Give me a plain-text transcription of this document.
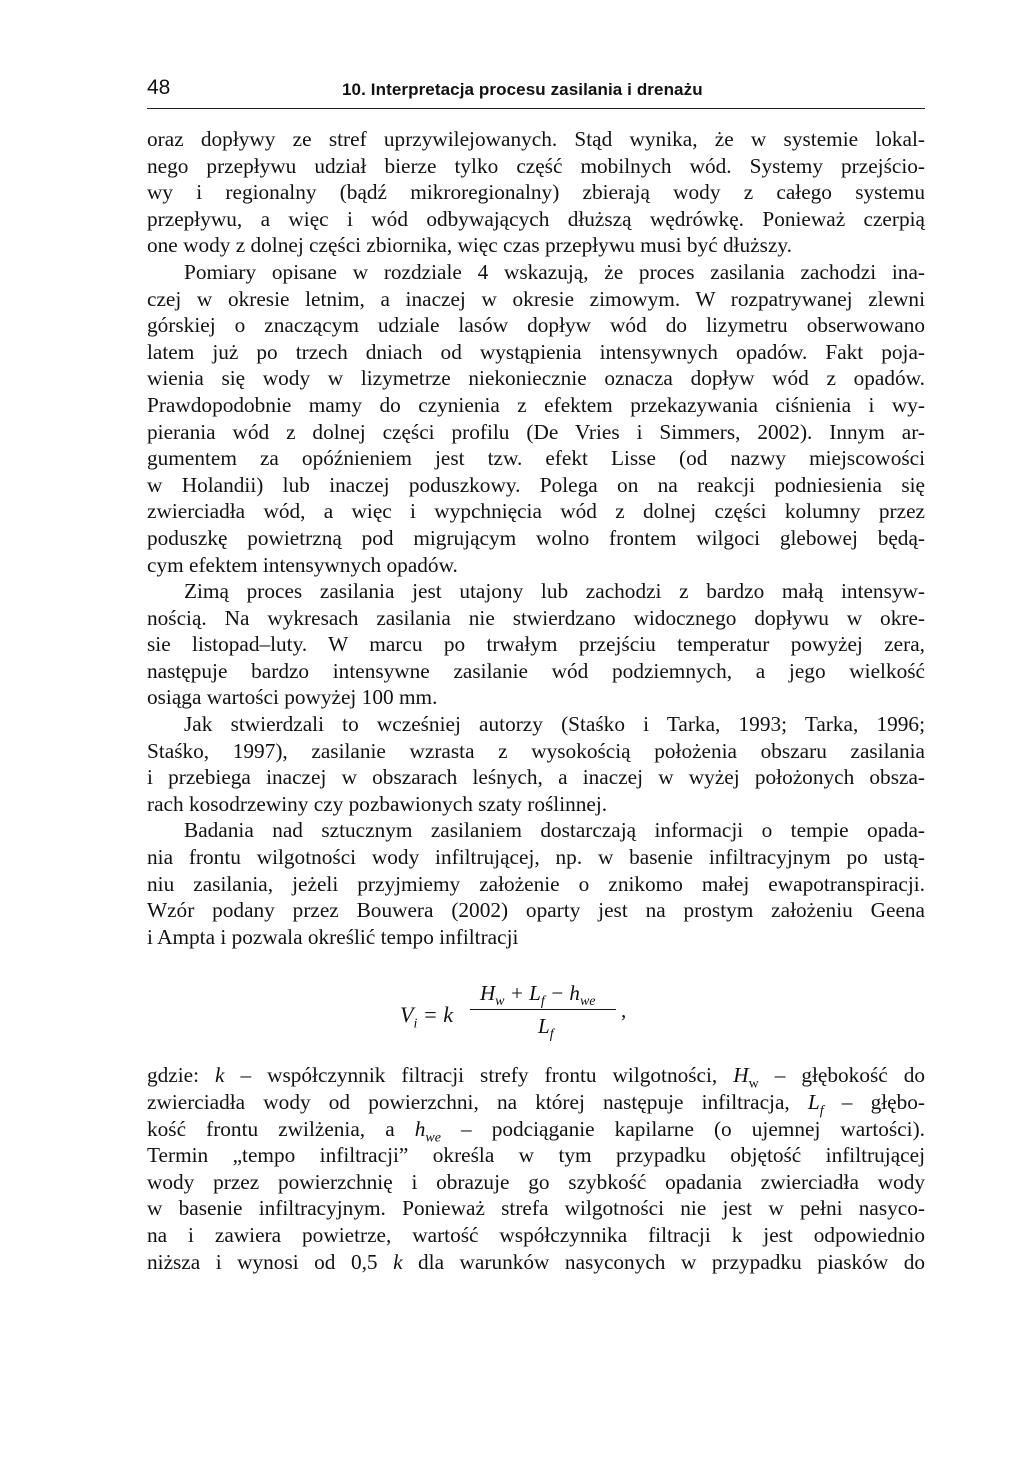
48	10. Interpretacja procesu zasilania i drenażu
oraz dopływy ze stref uprzywilejowanych. Stąd wynika, że w systemie lokal-
nego przepływu udział bierze tylko część mobilnych wód. Systemy przejścio-
wy i regionalny (bądź mikroregionalny) zbierają wody z całego systemu
przepływu, a więc i wód odbywających dłuższą wędrówkę. Ponieważ czerpią
one wody z dolnej części zbiornika, więc czas przepływu musi być dłuższy.
Pomiary opisane w rozdziale 4 wskazują, że proces zasilania zachodzi ina-
czej w okresie letnim, a inaczej w okresie zimowym. W rozpatrywanej zlewni
górskiej o znaczącym udziale lasów dopływ wód do lizymetru obserwowano
latem już po trzech dniach od wystąpienia intensywnych opadów. Fakt poja-
wienia się wody w lizymetrze niekoniecznie oznacza dopływ wód z opadów.
Prawdopodobnie mamy do czynienia z efektem przekazywania ciśnienia i wy-
pierania wód z dolnej części profilu (De Vries i Simmers, 2002). Innym ar-
gumentem za opóźnieniem jest tzw. efekt Lisse (od nazwy miejscowości
w Holandii) lub inaczej poduszkowy. Polega on na reakcji podniesienia się
zwierciadła wód, a więc i wypchnięcia wód z dolnej części kolumny przez
poduszkę powietrzną pod migrującym wolno frontem wilgoci glebowej będą-
cym efektem intensywnych opadów.
Zimą proces zasilania jest utajony lub zachodzi z bardzo małą intensyw-
nością. Na wykresach zasilania nie stwierdzano widocznego dopływu w okre-
sie listopad–luty. W marcu po trwałym przejściu temperatur powyżej zera,
następuje bardzo intensywne zasilanie wód podziemnych, a jego wielkość
osiąga wartości powyżej 100 mm.
Jak stwierdzali to wcześniej autorzy (Staśko i Tarka, 1993; Tarka, 1996;
Staśko, 1997), zasilanie wzrasta z wysokością położenia obszaru zasilania
i przebiega inaczej w obszarach leśnych, a inaczej w wyżej położonych obsza-
rach kosodrzewiny czy pozbawionych szaty roślinnej.
Badania nad sztucznym zasilaniem dostarczają informacji o tempie opada-
nia frontu wilgotności wody infiltrującej, np. w basenie infiltracyjnym po ustą-
niu zasilania, jeżeli przyjmiemy założenie o znikomo małej ewapotranspiracji.
Wzór podany przez Bouwera (2002) oparty jest na prostym założeniu Geena
i Ampta i pozwala określić tempo infiltracji
$V_i = k$
$H_w + L_f - h_{we}$
$L_f$
,
gdzie: k – współczynnik filtracji strefy frontu wilgotności, $H_w$ – głębokość do
zwierciadła wody od powierzchni, na której następuje infiltracja, $L_f$ – głębo-
kość frontu zwilżenia, a $h_{we}$ – podciąganie kapilarne (o ujemnej wartości).
Termin „tempo infiltracji” określa w tym przypadku objętość infiltrującej
wody przez powierzchnię i obrazuje go szybkość opadania zwierciadła wody
w basenie infiltracyjnym. Ponieważ strefa wilgotności nie jest w pełni nasyco-
na i zawiera powietrze, wartość współczynnika filtracji k jest odpowiednio
niższa i wynosi od 0,5 k dla warunków nasyconych w przypadku piasków do
